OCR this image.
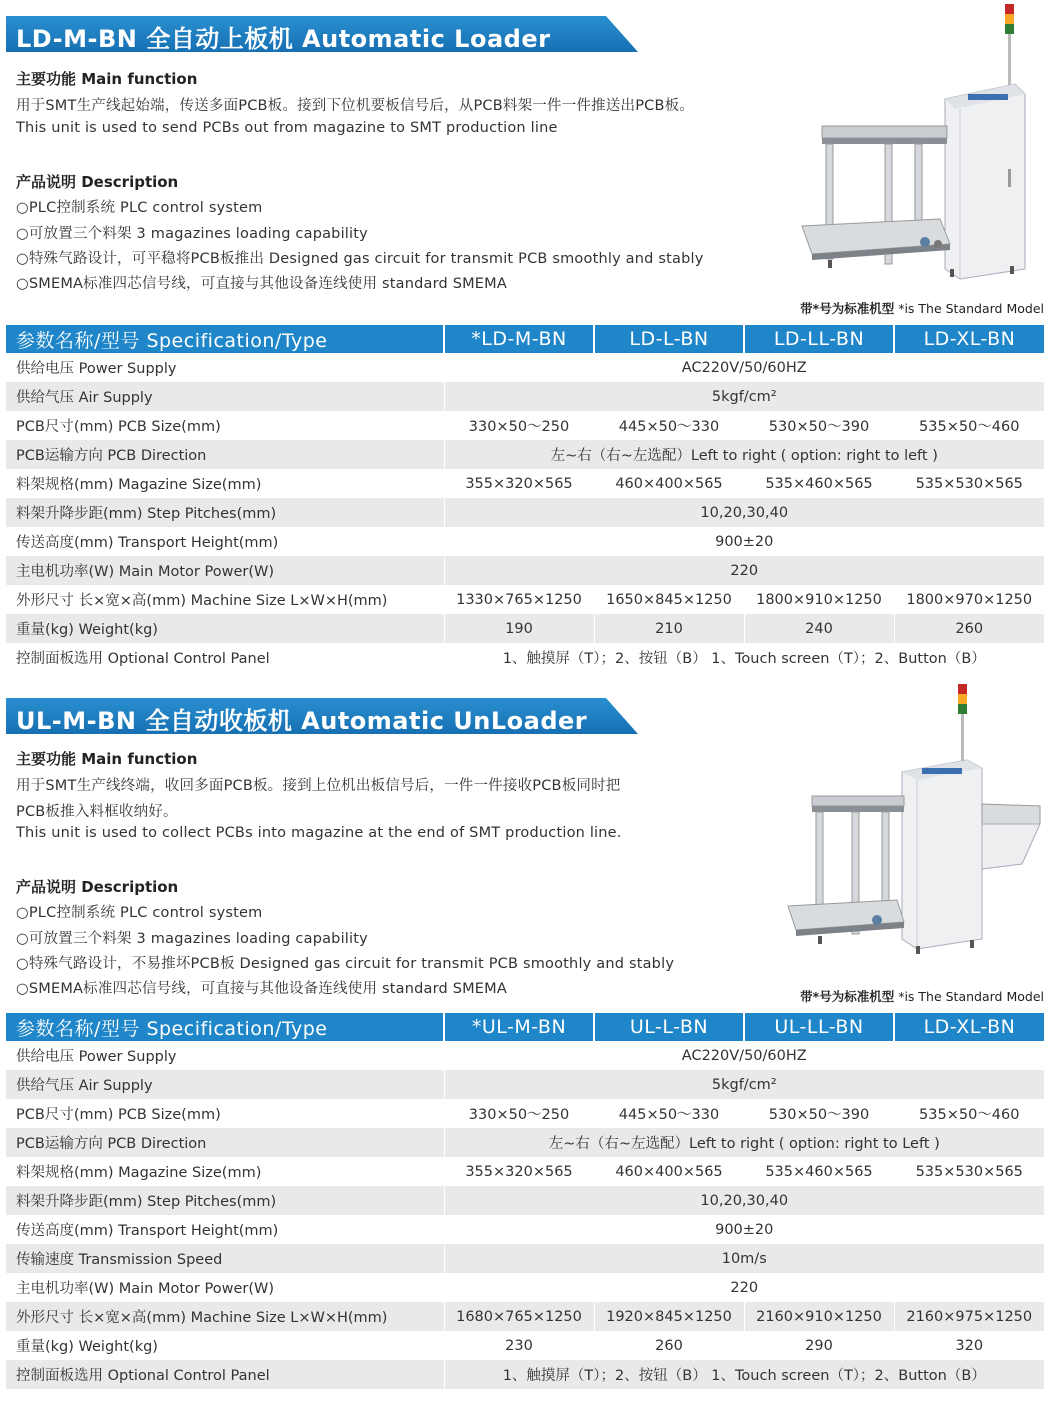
LD-M-BN 全自动上板机 Automatic Loader
主要功能 Main function
用于SMT生产线起始端，传送多面PCB板。接到下位机要板信号后，从PCB料架一件一件推送出PCB板。
This unit is used to send PCBs out from magazine to SMT production line
产品说明 Description
○PLC控制系统 PLC control system
○可放置三个料架 3 magazines loading capability
○特殊气路设计，可平稳将PCB板推出 Designed gas circuit for transmit PCB smoothly and stably
○SMEMA标准四芯信号线，可直接与其他设备连线使用 standard SMEMA
带*号为标准机型 *is The Standard Model
参数名称/型号 Specification/Type	*LD-M-BN	LD-L-BN	LD-LL-BN	LD-XL-BN
供给电压 Power Supply	AC220V/50/60HZ			
供给气压 Air Supply	5kgf/cm²			
PCB尺寸(mm) PCB Size(mm)	330×50～250	445×50～330	530×50～390	535×50～460
PCB运输方向 PCB Direction	左~右（右~左选配）Left to right ( option: right to left )			
料架规格(mm) Magazine Size(mm)	355×320×565	460×400×565	535×460×565	535×530×565
料架升降步距(mm) Step Pitches(mm)	10,20,30,40			
传送高度(mm) Transport Height(mm)	900±20			
主电机功率(W) Main Motor Power(W)	220			
外形尺寸 长×宽×高(mm) Machine Size L×W×H(mm)	1330×765×1250	1650×845×1250	1800×910×1250	1800×970×1250
重量(kg) Weight(kg)	190	210	240	260
控制面板选用 Optional Control Panel	1、触摸屏（T）；2、按钮（B） 1、Touch screen（T）；2、Button（B）			
UL-M-BN 全自动收板机 Automatic UnLoader
主要功能 Main function
用于SMT生产线终端，收回多面PCB板。接到上位机出板信号后，一件一件接收PCB板同时把
PCB板推入料框收纳好。
This unit is used to collect PCBs into magazine at the end of SMT production line.
产品说明 Description
○PLC控制系统 PLC control system
○可放置三个料架 3 magazines loading capability
○特殊气路设计，不易推坏PCB板 Designed gas circuit for transmit PCB smoothly and stably
○SMEMA标准四芯信号线，可直接与其他设备连线使用 standard SMEMA	带*号为标准机型 *is The Standard Model
参数名称/型号 Specification/Type	*UL-M-BN	UL-L-BN	UL-LL-BN	LD-XL-BN
供给电压 Power Supply	AC220V/50/60HZ			
供给气压 Air Supply	5kgf/cm²			
PCB尺寸(mm) PCB Size(mm)	330×50～250	445×50～330	530×50～390	535×50～460
PCB运输方向 PCB Direction	左~右（右~左选配）Left to right ( option: right to Left )			
料架规格(mm) Magazine Size(mm)	355×320×565	460×400×565	535×460×565	535×530×565
料架升降步距(mm) Step Pitches(mm)	10,20,30,40			
传送高度(mm) Transport Height(mm)	900±20			
传输速度 Transmission Speed	10m/s			
主电机功率(W) Main Motor Power(W)	220			
外形尺寸 长×宽×高(mm) Machine Size L×W×H(mm)	1680×765×1250	1920×845×1250	2160×910×1250	2160×975×1250
重量(kg) Weight(kg)	230	260	290	320
控制面板选用 Optional Control Panel	1、触摸屏（T）；2、按钮（B） 1、Touch screen（T）；2、Button（B）			
